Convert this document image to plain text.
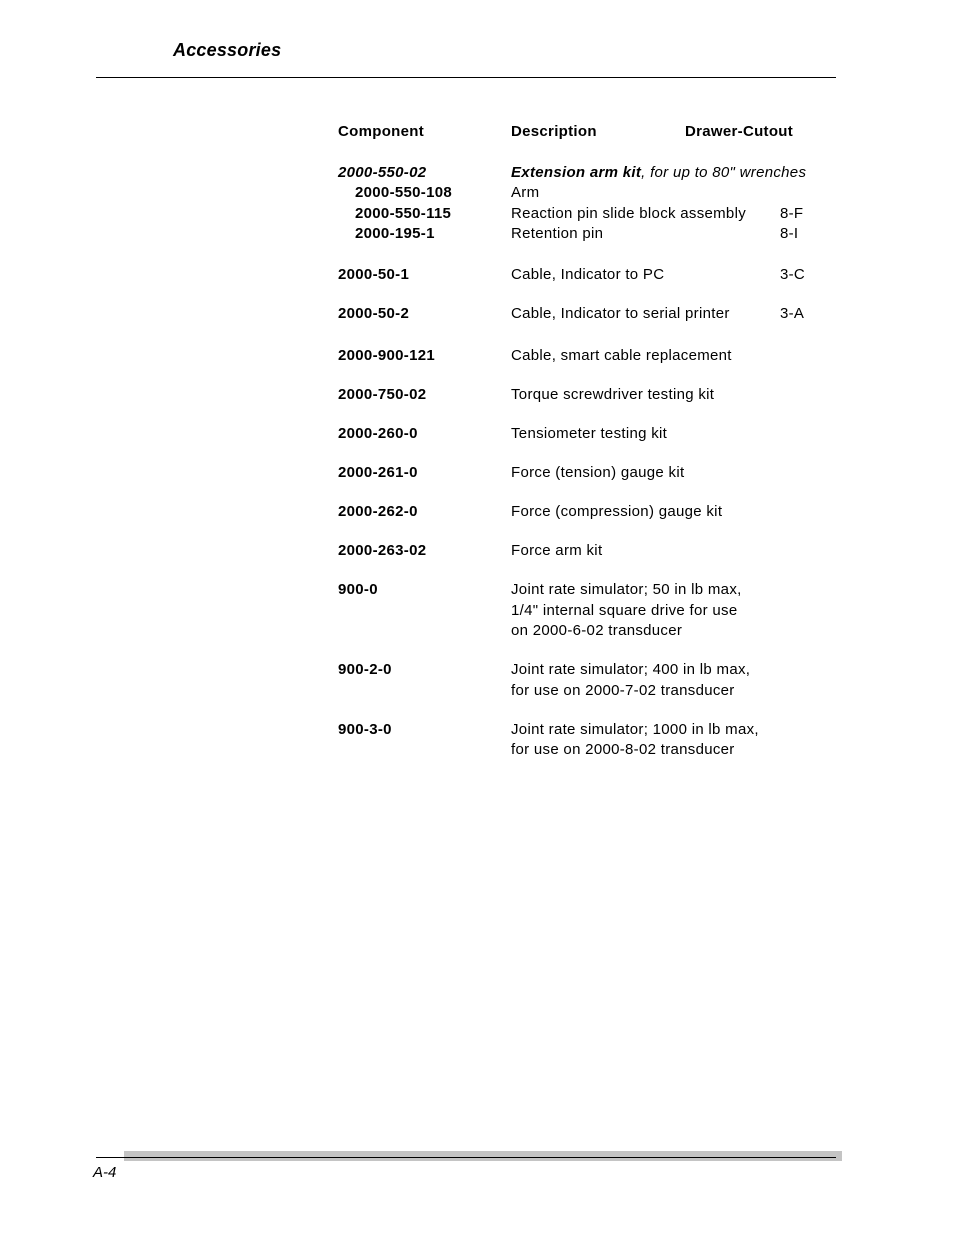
Accessories
Component	Description	Drawer-Cutout
2000-550-02	Extension arm kit, for up to 80" wrenches
2000-550-108	Arm
2000-550-115	Reaction pin slide block assembly 8-F
2000-195-1	Retention pin	8-I
2000-50-1	Cable, Indicator to PC	3-C
2000-50-2	Cable, Indicator to serial printer	3-A
2000-900-121	Cable, smart cable replacement
2000-750-02	Torque screwdriver testing kit
2000-260-0	Tensiometer testing kit
2000-261-0	Force (tension) gauge kit
2000-262-0	Force (compression) gauge kit
2000-263-02	Force arm kit
900-0	Joint rate simulator; 50 in lb max,
1/4" internal square drive for use
on 2000-6-02 transducer
900-2-0	Joint rate simulator; 400 in lb max,
for use on 2000-7-02 transducer
900-3-0	Joint rate simulator; 1000 in lb max,
for use on 2000-8-02 transducer
A-4
